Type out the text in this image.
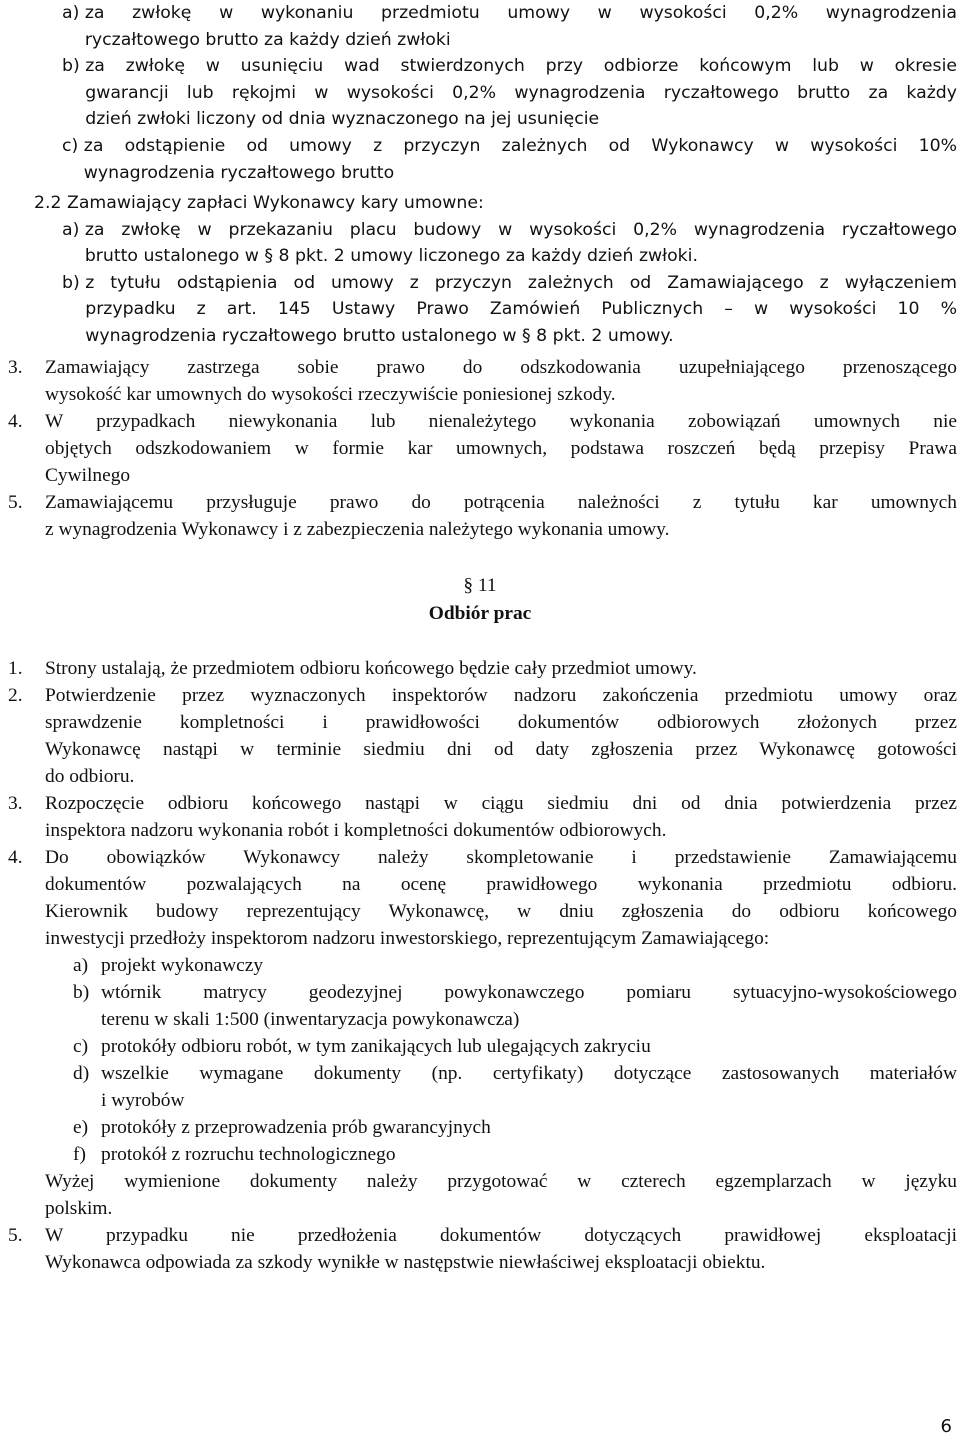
a) za zwłokę w wykonaniu przedmiotu umowy w wysokości 0,2% wynagrodzenia
ryczałtowego brutto za każdy dzień zwłoki
b) za zwłokę w usunięciu wad stwierdzonych przy odbiorze końcowym lub w okresie
gwarancji lub rękojmi w wysokości 0,2% wynagrodzenia ryczałtowego brutto za każdy
dzień zwłoki liczony od dnia wyznaczonego na jej usunięcie
c) za odstąpienie od umowy z przyczyn zależnych od Wykonawcy w wysokości 10%
wynagrodzenia ryczałtowego brutto
2.2 Zamawiający zapłaci Wykonawcy kary umowne:
a) za zwłokę w przekazaniu placu budowy w wysokości 0,2% wynagrodzenia ryczałtowego
brutto ustalonego w § 8 pkt. 2 umowy liczonego za każdy dzień zwłoki.
b) z tytułu odstąpienia od umowy z przyczyn zależnych od Zamawiającego z wyłączeniem
przypadku z art. 145 Ustawy Prawo Zamówień Publicznych – w wysokości 10 %
wynagrodzenia ryczałtowego brutto ustalonego w § 8 pkt. 2 umowy.
3. Zamawiający zastrzega sobie prawo do odszkodowania uzupełniającego przenoszącego
wysokość kar umownych do wysokości rzeczywiście poniesionej szkody.
4. W przypadkach niewykonania lub nienależytego wykonania zobowiązań umownych nie
objętych odszkodowaniem w formie kar umownych, podstawa roszczeń będą przepisy Prawa
Cywilnego
5. Zamawiającemu przysługuje prawo do potrącenia należności z tytułu kar umownych
z wynagrodzenia Wykonawcy i z zabezpieczenia należytego wykonania umowy.
§ 11
Odbiór prac
1. Strony ustalają, że przedmiotem odbioru końcowego będzie cały przedmiot umowy.
2. Potwierdzenie przez wyznaczonych inspektorów nadzoru zakończenia przedmiotu umowy oraz
sprawdzenie kompletności i prawidłowości dokumentów odbiorowych złożonych przez
Wykonawcę nastąpi w terminie siedmiu dni od daty zgłoszenia przez Wykonawcę gotowości
do odbioru.
3. Rozpoczęcie odbioru końcowego nastąpi w ciągu siedmiu dni od dnia potwierdzenia przez
inspektora nadzoru wykonania robót i kompletności dokumentów odbiorowych.
4. Do obowiązków Wykonawcy należy skompletowanie i przedstawienie Zamawiającemu
dokumentów pozwalających na ocenę prawidłowego wykonania przedmiotu odbioru.
Kierownik budowy reprezentujący Wykonawcę, w dniu zgłoszenia do odbioru końcowego
inwestycji przedłoży inspektorom nadzoru inwestorskiego, reprezentującym Zamawiającego:
a) projekt wykonawczy
b) wtórnik matrycy geodezyjnej powykonawczego pomiaru sytuacyjno-wysokościowego
terenu w skali 1:500 (inwentaryzacja powykonawcza)
c) protokóły odbioru robót, w tym zanikających lub ulegających zakryciu
d) wszelkie wymagane dokumenty (np. certyfikaty) dotyczące zastosowanych materiałów
i wyrobów
e) protokóły z przeprowadzenia prób gwarancyjnych
f) protokół z rozruchu technologicznego
Wyżej wymienione dokumenty należy przygotować w czterech egzemplarzach w języku
polskim.
5. W przypadku nie przedłożenia dokumentów dotyczących prawidłowej eksploatacji
Wykonawca odpowiada za szkody wynikłe w następstwie niewłaściwej eksploatacji obiektu.
6
